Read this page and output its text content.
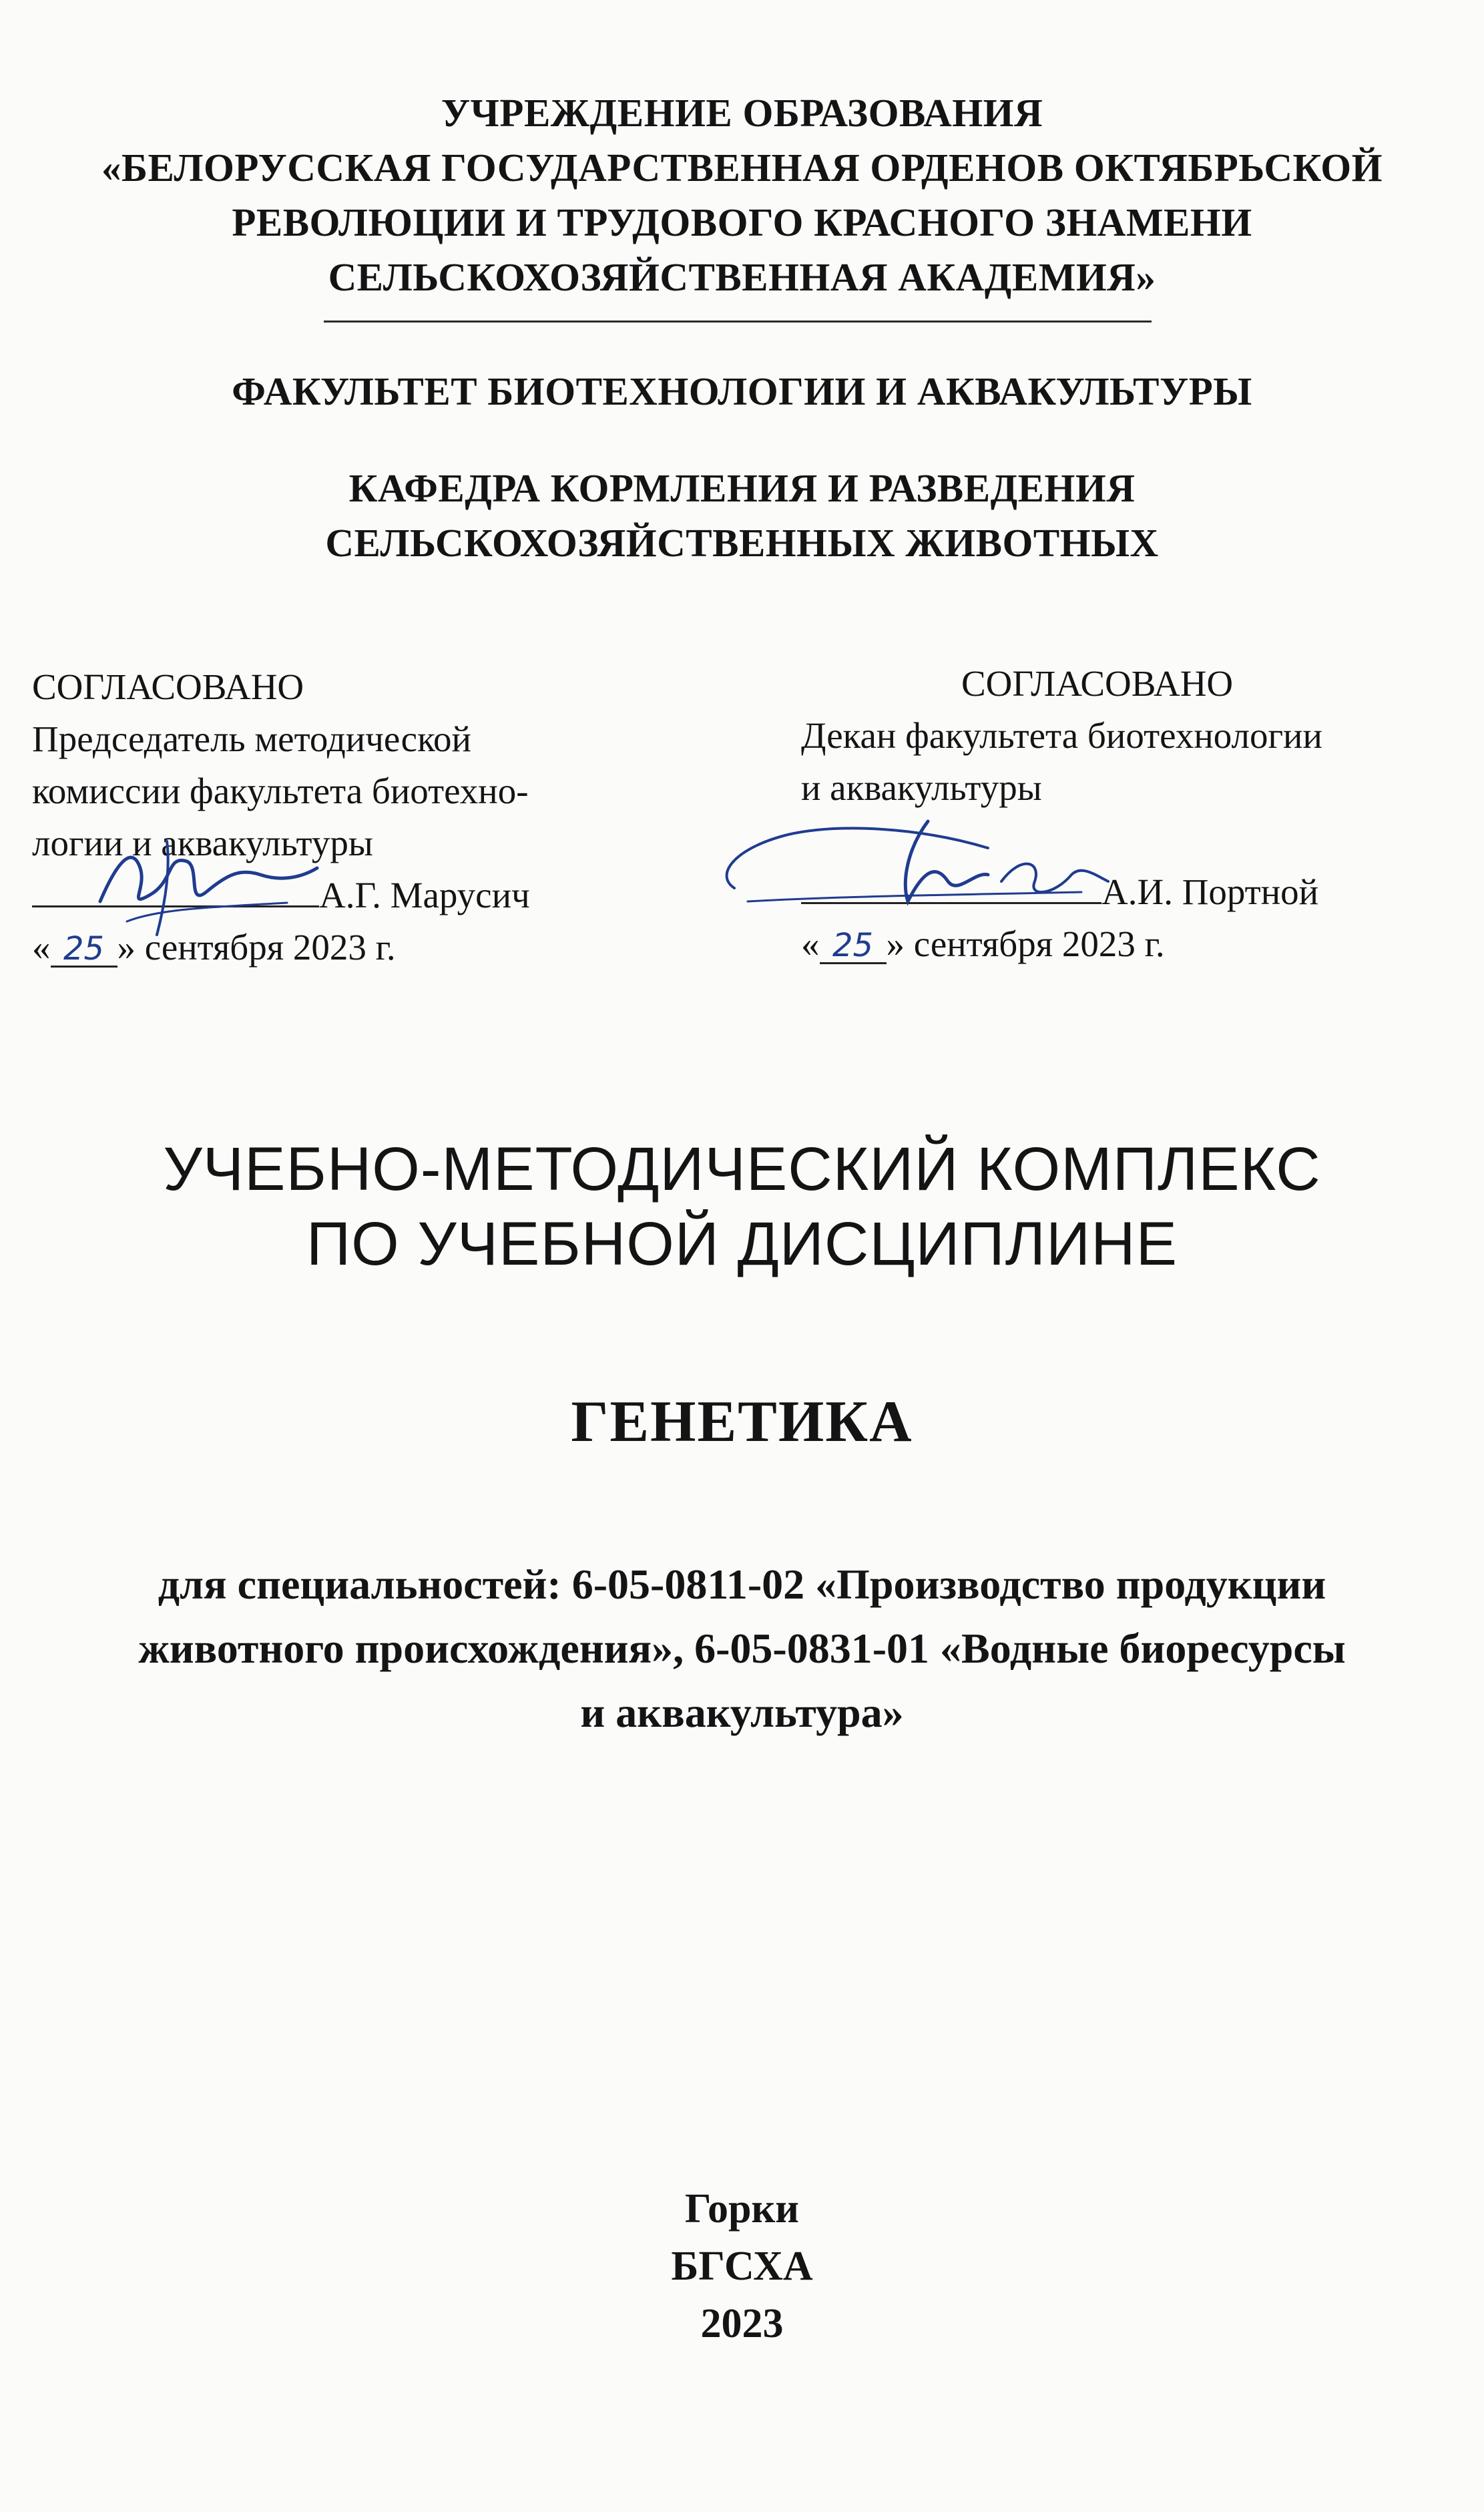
УЧРЕЖДЕНИЕ ОБРАЗОВАНИЯ
«БЕЛОРУССКАЯ ГОСУДАРСТВЕННАЯ ОРДЕНОВ ОКТЯБРЬСКОЙ
РЕВОЛЮЦИИ И ТРУДОВОГО КРАСНОГО ЗНАМЕНИ
СЕЛЬСКОХОЗЯЙСТВЕННАЯ АКАДЕМИЯ»
ФАКУЛЬТЕТ БИОТЕХНОЛОГИИ И АКВАКУЛЬТУРЫ
КАФЕДРА КОРМЛЕНИЯ И РАЗВЕДЕНИЯ
СЕЛЬСКОХОЗЯЙСТВЕННЫХ ЖИВОТНЫХ
СОГЛАСОВАНО
Председатель методической
комиссии факультета биотехно-
логии и аквакультуры
А.Г. Марусич
« 25 » сентября 2023 г.
СОГЛАСОВАНО
Декан факультета биотехнологии
и аквакультуры
А.И. Портной
« 25 » сентября 2023 г.
УЧЕБНО-МЕТОДИЧЕСКИЙ КОМПЛЕКС
ПО УЧЕБНОЙ ДИСЦИПЛИНЕ
ГЕНЕТИКА
для специальностей: 6-05-0811-02 «Производство продукции
животного происхождения», 6-05-0831-01 «Водные биоресурсы
и аквакультура»
Горки
БГСХА
2023
